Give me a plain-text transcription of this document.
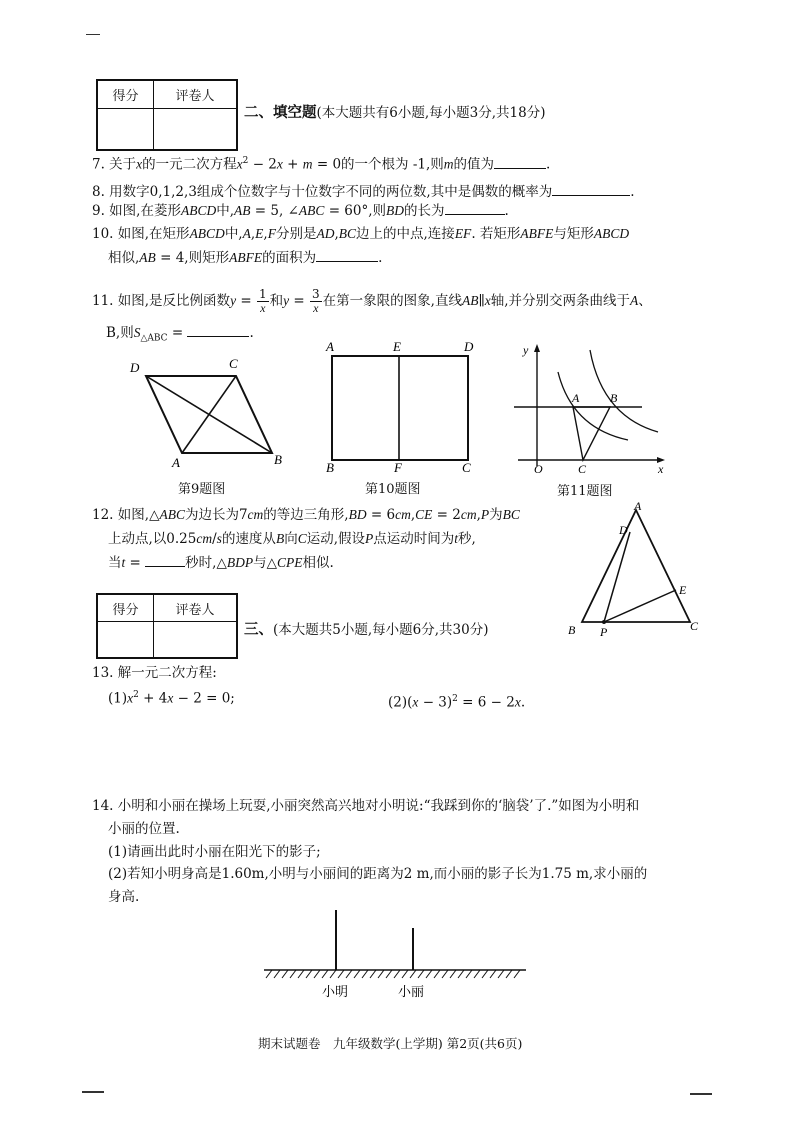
得分	评卷人

二、填空题(本大题共有6小题,每小题3分,共18分)
7. 关于x的一元二次方程$x^2 - 2x + m = 0$的一个根为 -1,则m的值为	.
8. 用数字0,1,2,3组成个位数字与十位数字不同的两位数,其中是偶数的概率为	.
9. 如图,在菱形ABCD中,AB = 5, ∠ABC = 60°,则BD的长为	.
10. 如图,在矩形ABCD中,A,E,F分别是AD,BC边上的中点,连接EF. 若矩形ABFE与矩形ABCD
相似,AB = 4,则矩形ABFE的面积为	.
11. 如图,是反比例函数$y = \frac{1}{x}$ 和$y = \frac{3}{x}$ 在第一象限的图象,直线AB∥x轴,并分别交两条曲线于A、
B,则$S_{\triangle ABC}$ =	.
D	C
A	B
第9题图
A	E	D
B	F	C
第10题图
y
A	B
O	C	x
第11题图
12. 如图,△ABC为边长为7cm的等边三角形,BD = 6cm,CE = 2cm,P为BC
上动点,以0.25cm/s的速度从B向C运动,假设P点运动时间为t秒,
当t =	秒时,△BDP与△CPE相似.
A
D
E
B P	C
得分	评卷人

三、(本大题共5小题,每小题6分,共30分)
13. 解一元二次方程:
$(1)x^2 + 4x - 2 = 0$;	$(2)(x - 3)^2 = 6 - 2x$.
14. 小明和小丽在操场上玩耍,小丽突然高兴地对小明说:“我踩到你的‘脑袋’了.”如图为小明和
小丽的位置.
(1)请画出此时小丽在阳光下的影子;
(2)若知小明身高是1.60m,小明与小丽间的距离为2 m,而小丽的影子长为1.75 m,求小丽的
身高.
小明	小丽
期末试题卷　九年级数学(上学期) 第2页(共6页)
